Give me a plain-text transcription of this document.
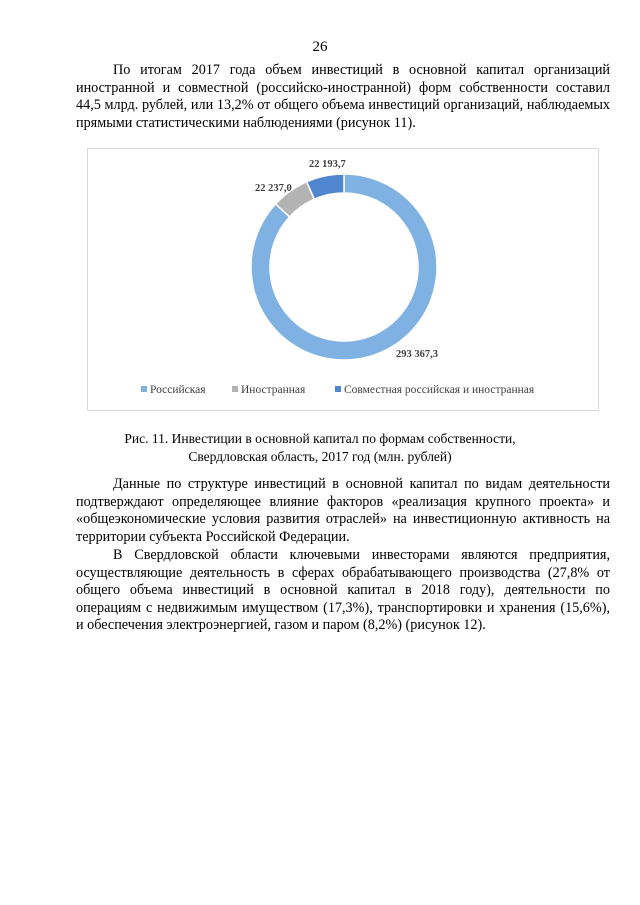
26

По итогам 2017 года объем инвестиций в основной капитал организаций иностранной и совместной (российско-иностранной) форм собственности составил 44,5 млрд. рублей, или 13,2% от общего объема инвестиций организаций, наблюдаемых прямыми статистическими наблюдениями (рисунок 11).

293 367,3
22 237,0
22 193,7
Российская	Иностранная	Совместная российская и иностранная
Рис. 11. Инвестиции в основной капитал по формам собственности,
Свердловская область, 2017 год (млн. рублей)

Данные по структуре инвестиций в основной капитал по видам деятельности подтверждают определяющее влияние факторов «реализация крупного проекта» и «общеэкономические условия развития отраслей» на инвестиционную активность на территории субъекта Российской Федерации.

В Свердловской области ключевыми инвесторами являются предприятия, осуществляющие деятельность в сферах обрабатывающего производства (27,8% от общего объема инвестиций в основной капитал в 2018 году), деятельности по операциям с недвижимым имуществом (17,3%), транспортировки и хранения (15,6%), и обеспечения электроэнергией, газом и паром (8,2%) (рисунок 12).
